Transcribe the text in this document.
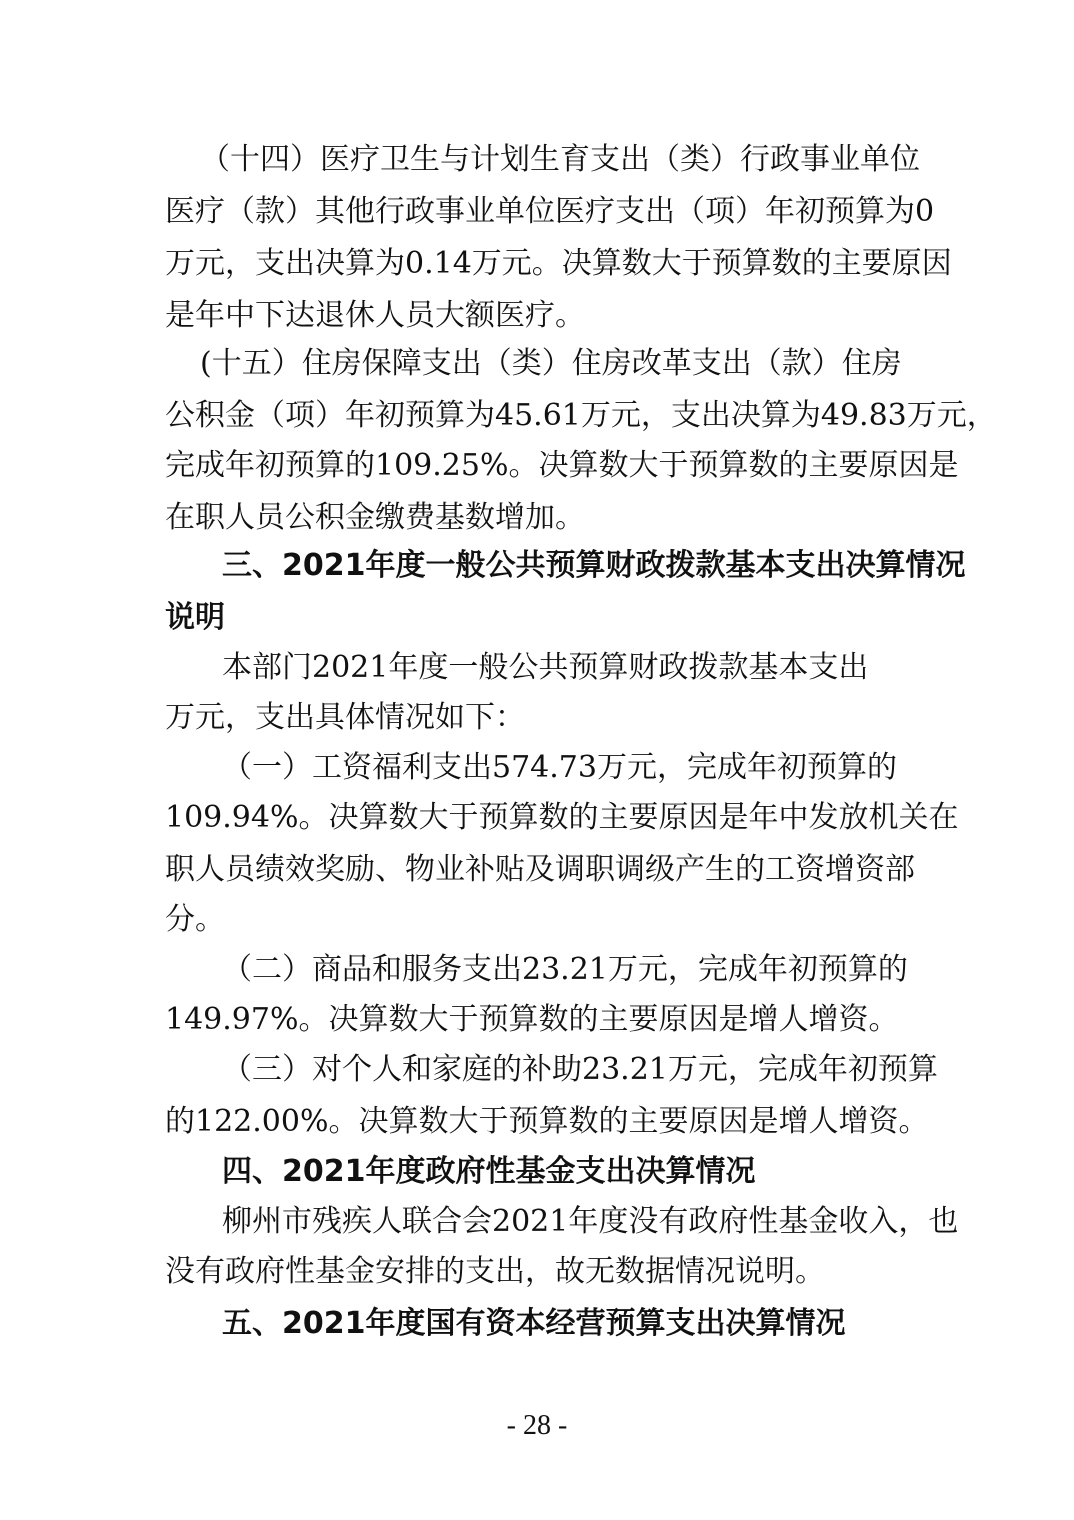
（十四）医疗卫生与计划生育支出（类）行政事业单位

医疗（款）其他行政事业单位医疗支出（项）年初预算为0

万元，支出决算为0.14万元。决算数大于预算数的主要原因

是年中下达退休人员大额医疗。

(十五）住房保障支出（类）住房改革支出（款）住房

公积金（项）年初预算为45.61万元，支出决算为49.83万元，

完成年初预算的109.25%。决算数大于预算数的主要原因是

在职人员公积金缴费基数增加。

三、2021年度一般公共预算财政拨款基本支出决算情况

说明

本部门2021年度一般公共预算财政拨款基本支出

万元，支出具体情况如下：

（一）工资福利支出574.73万元，完成年初预算的

109.94%。决算数大于预算数的主要原因是年中发放机关在

职人员绩效奖励、物业补贴及调职调级产生的工资增资部

分。

（二）商品和服务支出23.21万元，完成年初预算的

149.97%。决算数大于预算数的主要原因是增人增资。

（三）对个人和家庭的补助23.21万元，完成年初预算

的122.00%。决算数大于预算数的主要原因是增人增资。

四、2021年度政府性基金支出决算情况

柳州市残疾人联合会2021年度没有政府性基金收入，也

没有政府性基金安排的支出，故无数据情况说明。

五、2021年度国有资本经营预算支出决算情况

- 28 -
